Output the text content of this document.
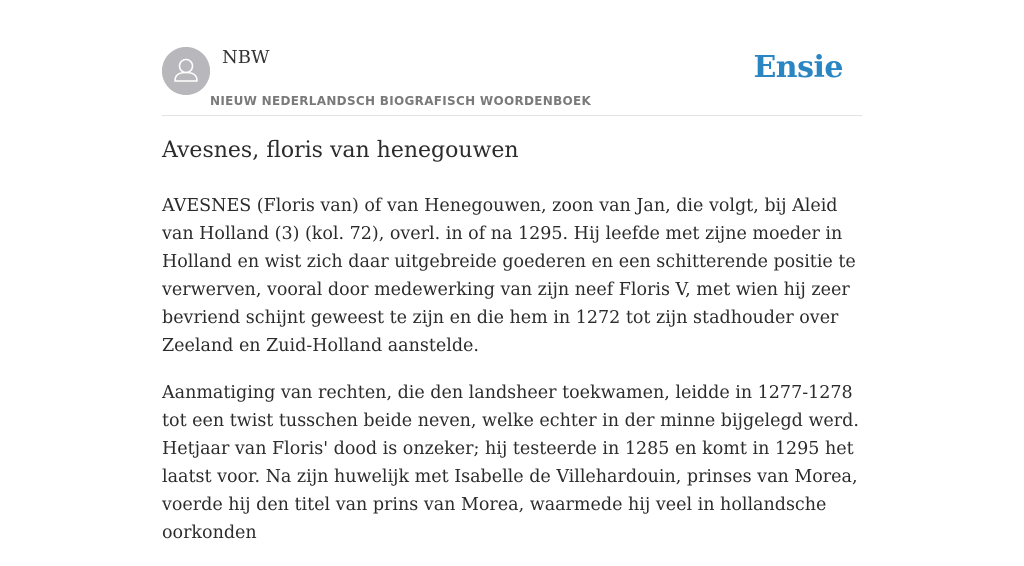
NBW
NIEUW NEDERLANDSCH BIOGRAFISCH WOORDENBOEK
Ensie
Avesnes, floris van henegouwen

AVESNES (Floris van) of van Henegouwen, zoon van Jan, die volgt, bij Aleid van Holland (3) (kol. 72), overl. in of na 1295. Hij leefde met zijne moeder in Holland en wist zich daar uitgebreide goederen en een schitterende positie te verwerven, vooral door medewerking van zijn neef Floris V, met wien hij zeer bevriend schijnt geweest te zijn en die hem in 1272 tot zijn stadhouder over Zeeland en Zuid-Holland aanstelde.

Aanmatiging van rechten, die den landsheer toekwamen, leidde in 1277-1278 tot een twist tusschen beide neven, welke echter in der minne bijgelegd werd. Hetjaar van Floris' dood is onzeker; hij testeerde in 1285 en komt in 1295 het laatst voor. Na zijn huwelijk met Isabelle de Villehardouin, prinses van Morea, voerde hij den titel van prins van Morea, waarmede hij veel in hollandsche oorkonden
